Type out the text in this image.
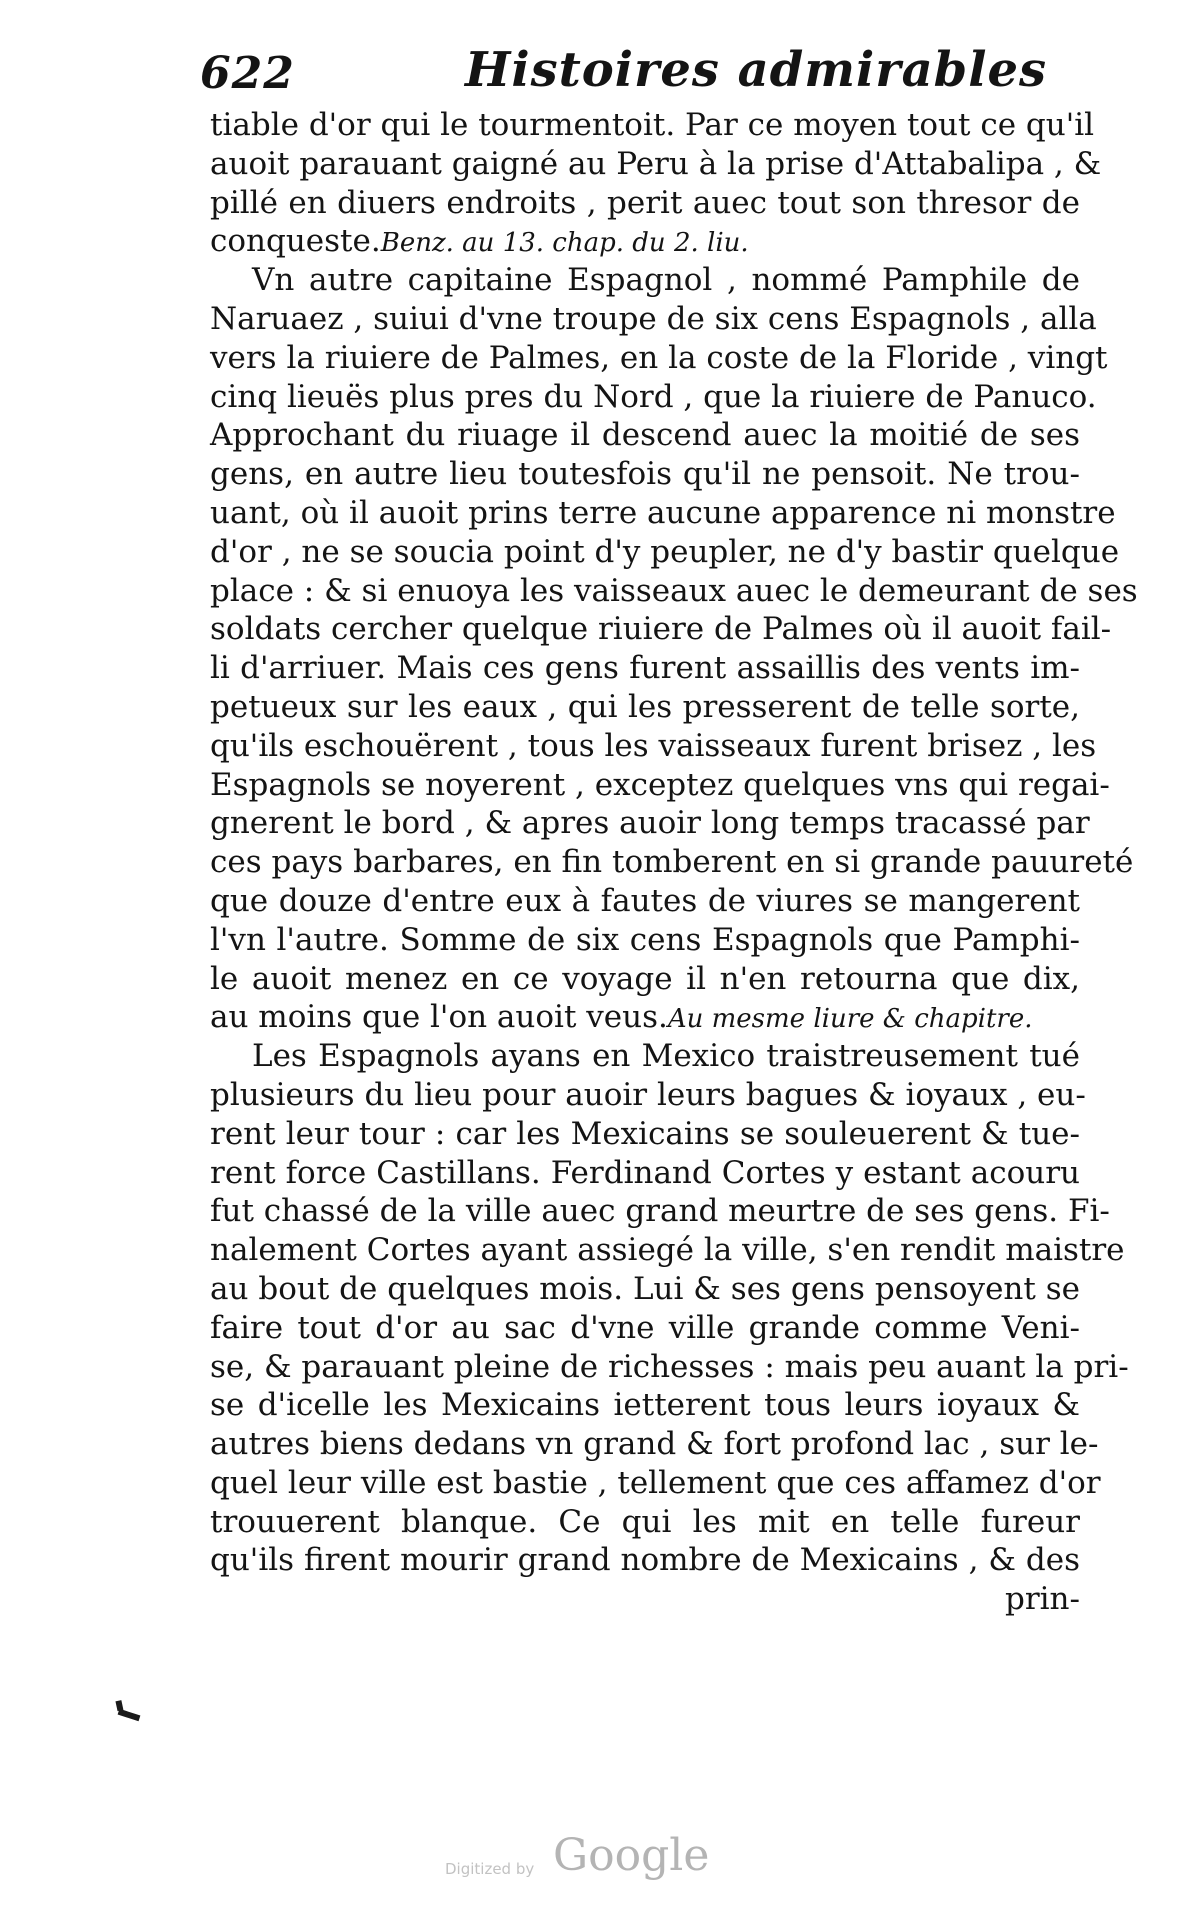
622	Histoires admirables
tiable d'or qui le tourmentoit. Par ce moyen tout ce qu'il
auoit parauant gaigné au Peru à la prise d'Attabalipa , &
pillé en diuers endroits , perit auec tout son thresor de
conqueste.Benz. au 13. chap. du 2. liu.
Vn autre capitaine Espagnol , nommé Pamphile de
Naruaez , suiui d'vne troupe de six cens Espagnols , alla
vers la riuiere de Palmes, en la coste de la Floride , vingt
cinq lieuës plus pres du Nord , que la riuiere de Panuco.
Approchant du riuage il descend auec la moitié de ses
gens, en autre lieu toutesfois qu'il ne pensoit. Ne trou-
uant, où il auoit prins terre aucune apparence ni monstre
d'or , ne se soucia point d'y peupler, ne d'y bastir quelque
place : & si enuoya les vaisseaux auec le demeurant de ses
soldats cercher quelque riuiere de Palmes où il auoit fail-
li d'arriuer. Mais ces gens furent assaillis des vents im-
petueux sur les eaux , qui les presserent de telle sorte,
qu'ils eschouërent , tous les vaisseaux furent brisez , les
Espagnols se noyerent , exceptez quelques vns qui regai-
gnerent le bord , & apres auoir long temps tracassé par
ces pays barbares, en fin tomberent en si grande pauureté
que douze d'entre eux à fautes de viures se mangerent
l'vn l'autre. Somme de six cens Espagnols que Pamphi-
le auoit menez en ce voyage il n'en retourna que dix,
au moins que l'on auoit veus.Au mesme liure & chapitre.
Les Espagnols ayans en Mexico traistreusement tué
plusieurs du lieu pour auoir leurs bagues & ioyaux , eu-
rent leur tour : car les Mexicains se souleuerent & tue-
rent force Castillans. Ferdinand Cortes y estant acouru
fut chassé de la ville auec grand meurtre de ses gens. Fi-
nalement Cortes ayant assiegé la ville, s'en rendit maistre
au bout de quelques mois. Lui & ses gens pensoyent se
faire tout d'or au sac d'vne ville grande comme Veni-
se, & parauant pleine de richesses : mais peu auant la pri-
se d'icelle les Mexicains ietterent tous leurs ioyaux &
autres biens dedans vn grand & fort profond lac , sur le-
quel leur ville est bastie , tellement que ces affamez d'or
trouuerent blanque. Ce qui les mit en telle fureur
qu'ils firent mourir grand nombre de Mexicains , & des
prin-
Digitized by Google
